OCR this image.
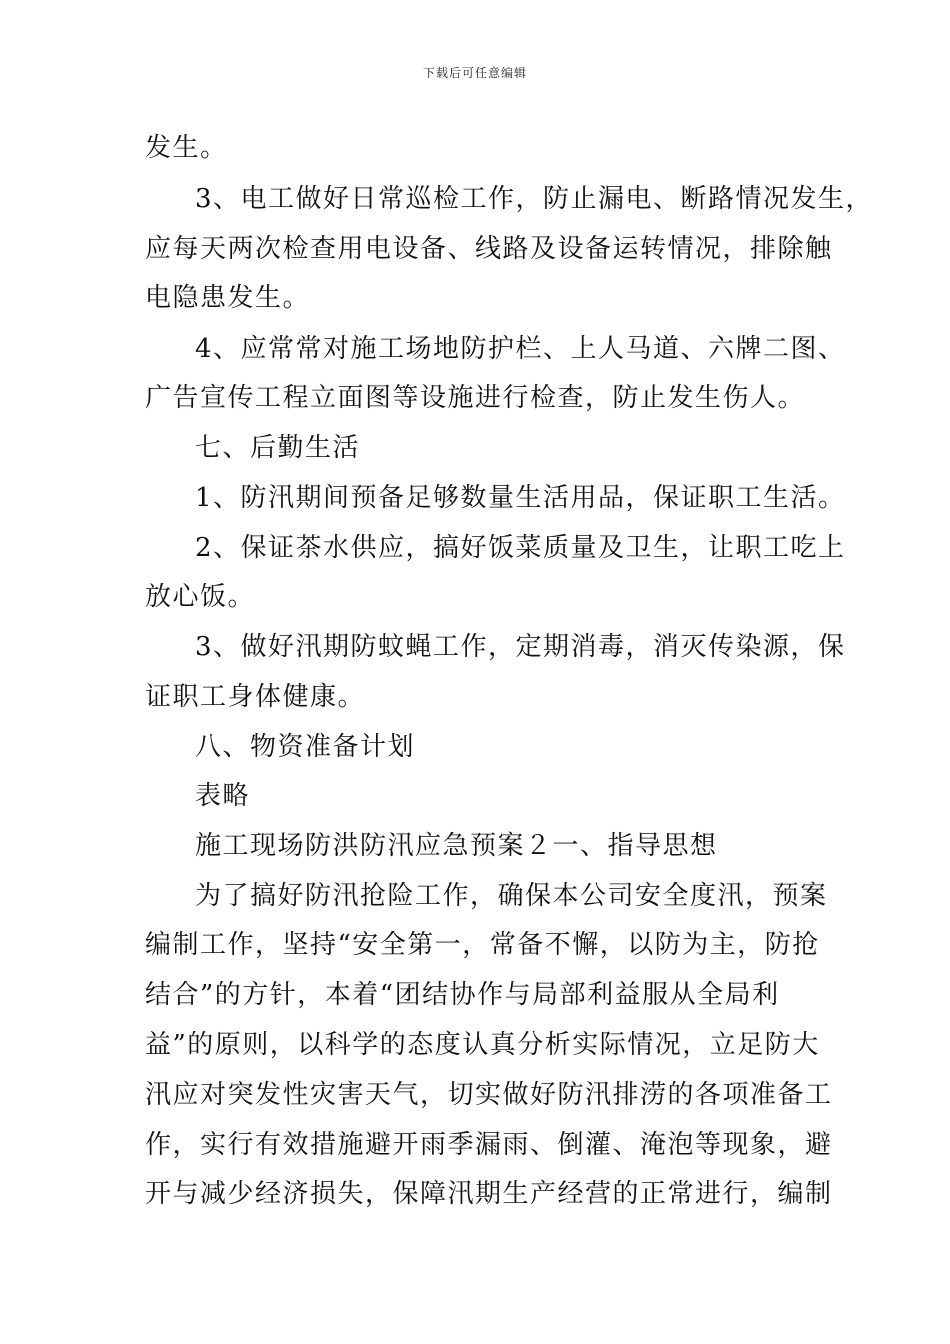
下载后可任意编辑
发生。
3、电工做好日常巡检工作，防止漏电、断路情况发生，
应每天两次检查用电设备、线路及设备运转情况，排除触
电隐患发生。
4、应常常对施工场地防护栏、上人马道、六牌二图、
广告宣传工程立面图等设施进行检查，防止发生伤人。
七、后勤生活
1、防汛期间预备足够数量生活用品，保证职工生活。
2、保证茶水供应，搞好饭菜质量及卫生，让职工吃上
放心饭。
3、做好汛期防蚊蝇工作，定期消毒，消灭传染源，保
证职工身体健康。
八、物资准备计划
表略
施工现场防洪防汛应急预案２一、指导思想
为了搞好防汛抢险工作，确保本公司安全度汛，预案
编制工作，坚持“安全第一，常备不懈，以防为主，防抢
结合”的方针，本着“团结协作与局部利益服从全局利
益”的原则，以科学的态度认真分析实际情况，立足防大
汛应对突发性灾害天气，切实做好防汛排涝的各项准备工
作，实行有效措施避开雨季漏雨、倒灌、淹泡等现象，避
开与减少经济损失，保障汛期生产经营的正常进行，编制
